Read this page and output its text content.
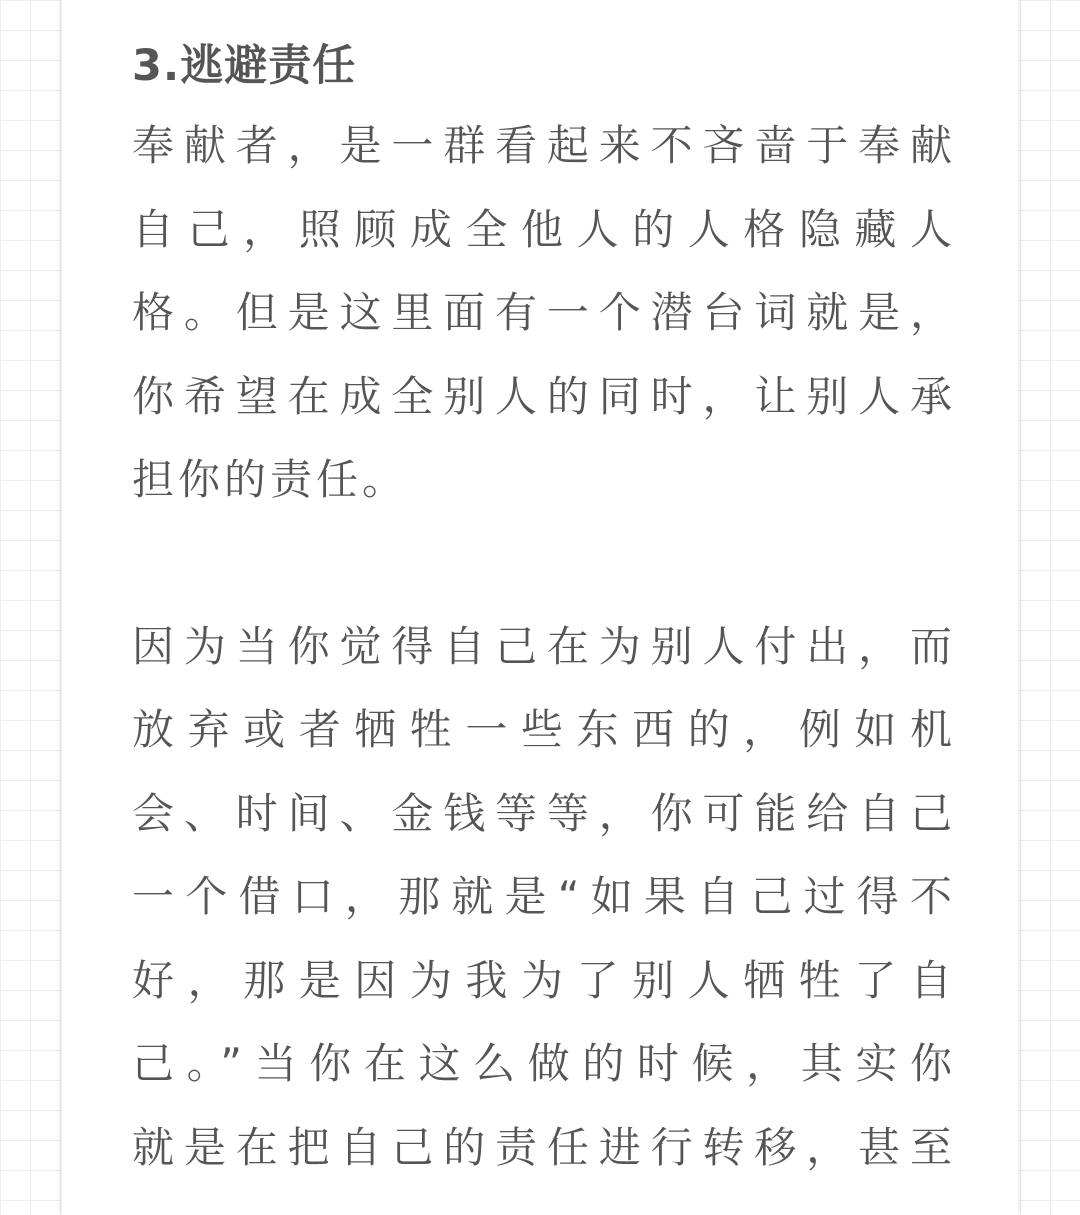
3.逃避责任
奉献者，是一群看起来不吝啬于奉献
自己，照顾成全他人的人格隐藏人
格。但是这里面有一个潜台词就是，
你希望在成全别人的同时，让别人承
担你的责任。
因为当你觉得自己在为别人付出，而
放弃或者牺牲一些东西的，例如机
会、时间、金钱等等，你可能给自己
一个借口，那就是“如果自己过得不
好，那是因为我为了别人牺牲了自
己。”当你在这么做的时候，其实你
就是在把自己的责任进行转移，甚至
